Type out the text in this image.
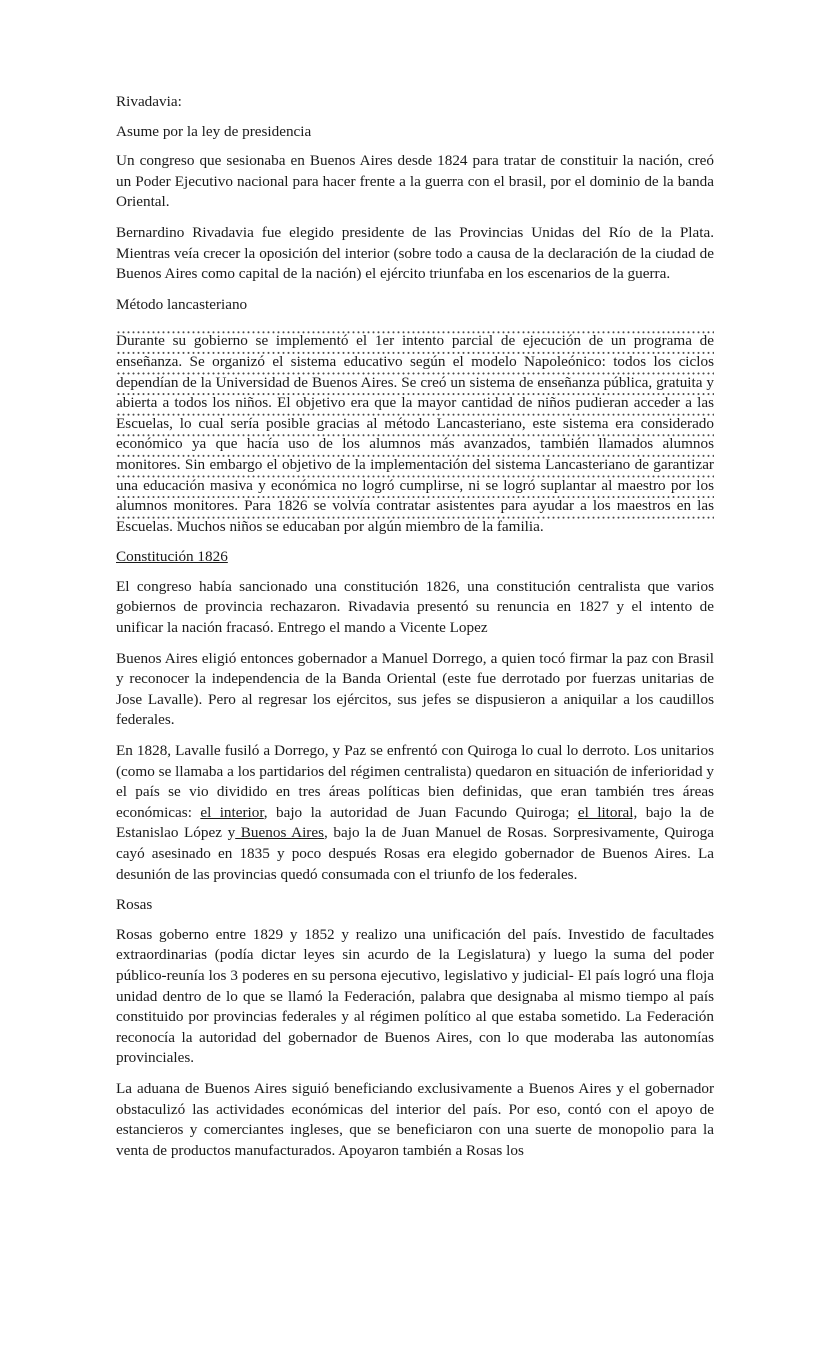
Rivadavia:

Asume por la ley de presidencia

Un congreso que sesionaba en Buenos Aires desde 1824 para tratar de constituir la nación, creó un Poder Ejecutivo nacional para hacer frente a la guerra con el brasil, por el dominio de la banda Oriental.

Bernardino Rivadavia fue elegido presidente de las Provincias Unidas del Río de la Plata. Mientras veía crecer la oposición del interior (sobre todo a causa de la declaración de la ciudad de Buenos Aires como capital de la nación) el ejército triunfaba en los escenarios de la guerra.

Método lancasteriano

Durante su gobierno se implementó el 1er intento parcial de ejecución de un programa de enseñanza. Se organizó el sistema educativo según el modelo Napoleónico: todos los ciclos dependían de la Universidad de Buenos Aires. Se creó un sistema de enseñanza pública, gratuita y abierta a todos los niños. El objetivo era que la mayor cantidad de niños pudieran acceder a las Escuelas, lo cual sería posible gracias al método Lancasteriano, este sistema era considerado económico ya que hacía uso de los alumnos más avanzados, también llamados alumnos monitores. Sin embargo el objetivo de la implementación del sistema Lancasteriano de garantizar una educación masiva y económica no logró cumplirse, ni se logró suplantar al maestro por los alumnos monitores. Para 1826 se volvía contratar asistentes para ayudar a los maestros en las Escuelas. Muchos niños se educaban por algún miembro de la familia.

Constitución 1826

El congreso había sancionado una constitución 1826, una constitución centralista que varios gobiernos de provincia rechazaron. Rivadavia presentó su renuncia en 1827 y el intento de unificar la nación fracasó. Entrego el mando a Vicente Lopez

Buenos Aires eligió entonces gobernador a Manuel Dorrego, a quien tocó firmar la paz con Brasil y reconocer la independencia de la Banda Oriental (este fue derrotado por fuerzas unitarias de Jose Lavalle). Pero al regresar los ejércitos, sus jefes se dispusieron a aniquilar a los caudillos federales.

En 1828, Lavalle fusiló a Dorrego, y Paz se enfrentó con Quiroga lo cual lo derroto. Los unitarios (como se llamaba a los partidarios del régimen centralista) quedaron en situación de inferioridad y el país se vio dividido en tres áreas políticas bien definidas, que eran también tres áreas económicas: el interior, bajo la autoridad de Juan Facundo Quiroga; el litoral, bajo la de Estanislao López y Buenos Aires, bajo la de Juan Manuel de Rosas. Sorpresivamente, Quiroga cayó asesinado en 1835 y poco después Rosas era elegido gobernador de Buenos Aires. La desunión de las provincias quedó consumada con el triunfo de los federales.

Rosas

Rosas goberno entre 1829 y 1852 y realizo una unificación del país. Investido de facultades extraordinarias (podía dictar leyes sin acurdo de la Legislatura) y luego la suma del poder público-reunía los 3 poderes en su persona ejecutivo, legislativo y judicial- El país logró una floja unidad dentro de lo que se llamó la Federación, palabra que designaba al mismo tiempo al país constituido por provincias federales y al régimen político al que estaba sometido. La Federación reconocía la autoridad del gobernador de Buenos Aires, con lo que moderaba las autonomías provinciales.

La aduana de Buenos Aires siguió beneficiando exclusivamente a Buenos Aires y el gobernador obstaculizó las actividades económicas del interior del país. Por eso, contó con el apoyo de estancieros y comerciantes ingleses, que se beneficiaron con una suerte de monopolio para la venta de productos manufacturados. Apoyaron también a Rosas los
